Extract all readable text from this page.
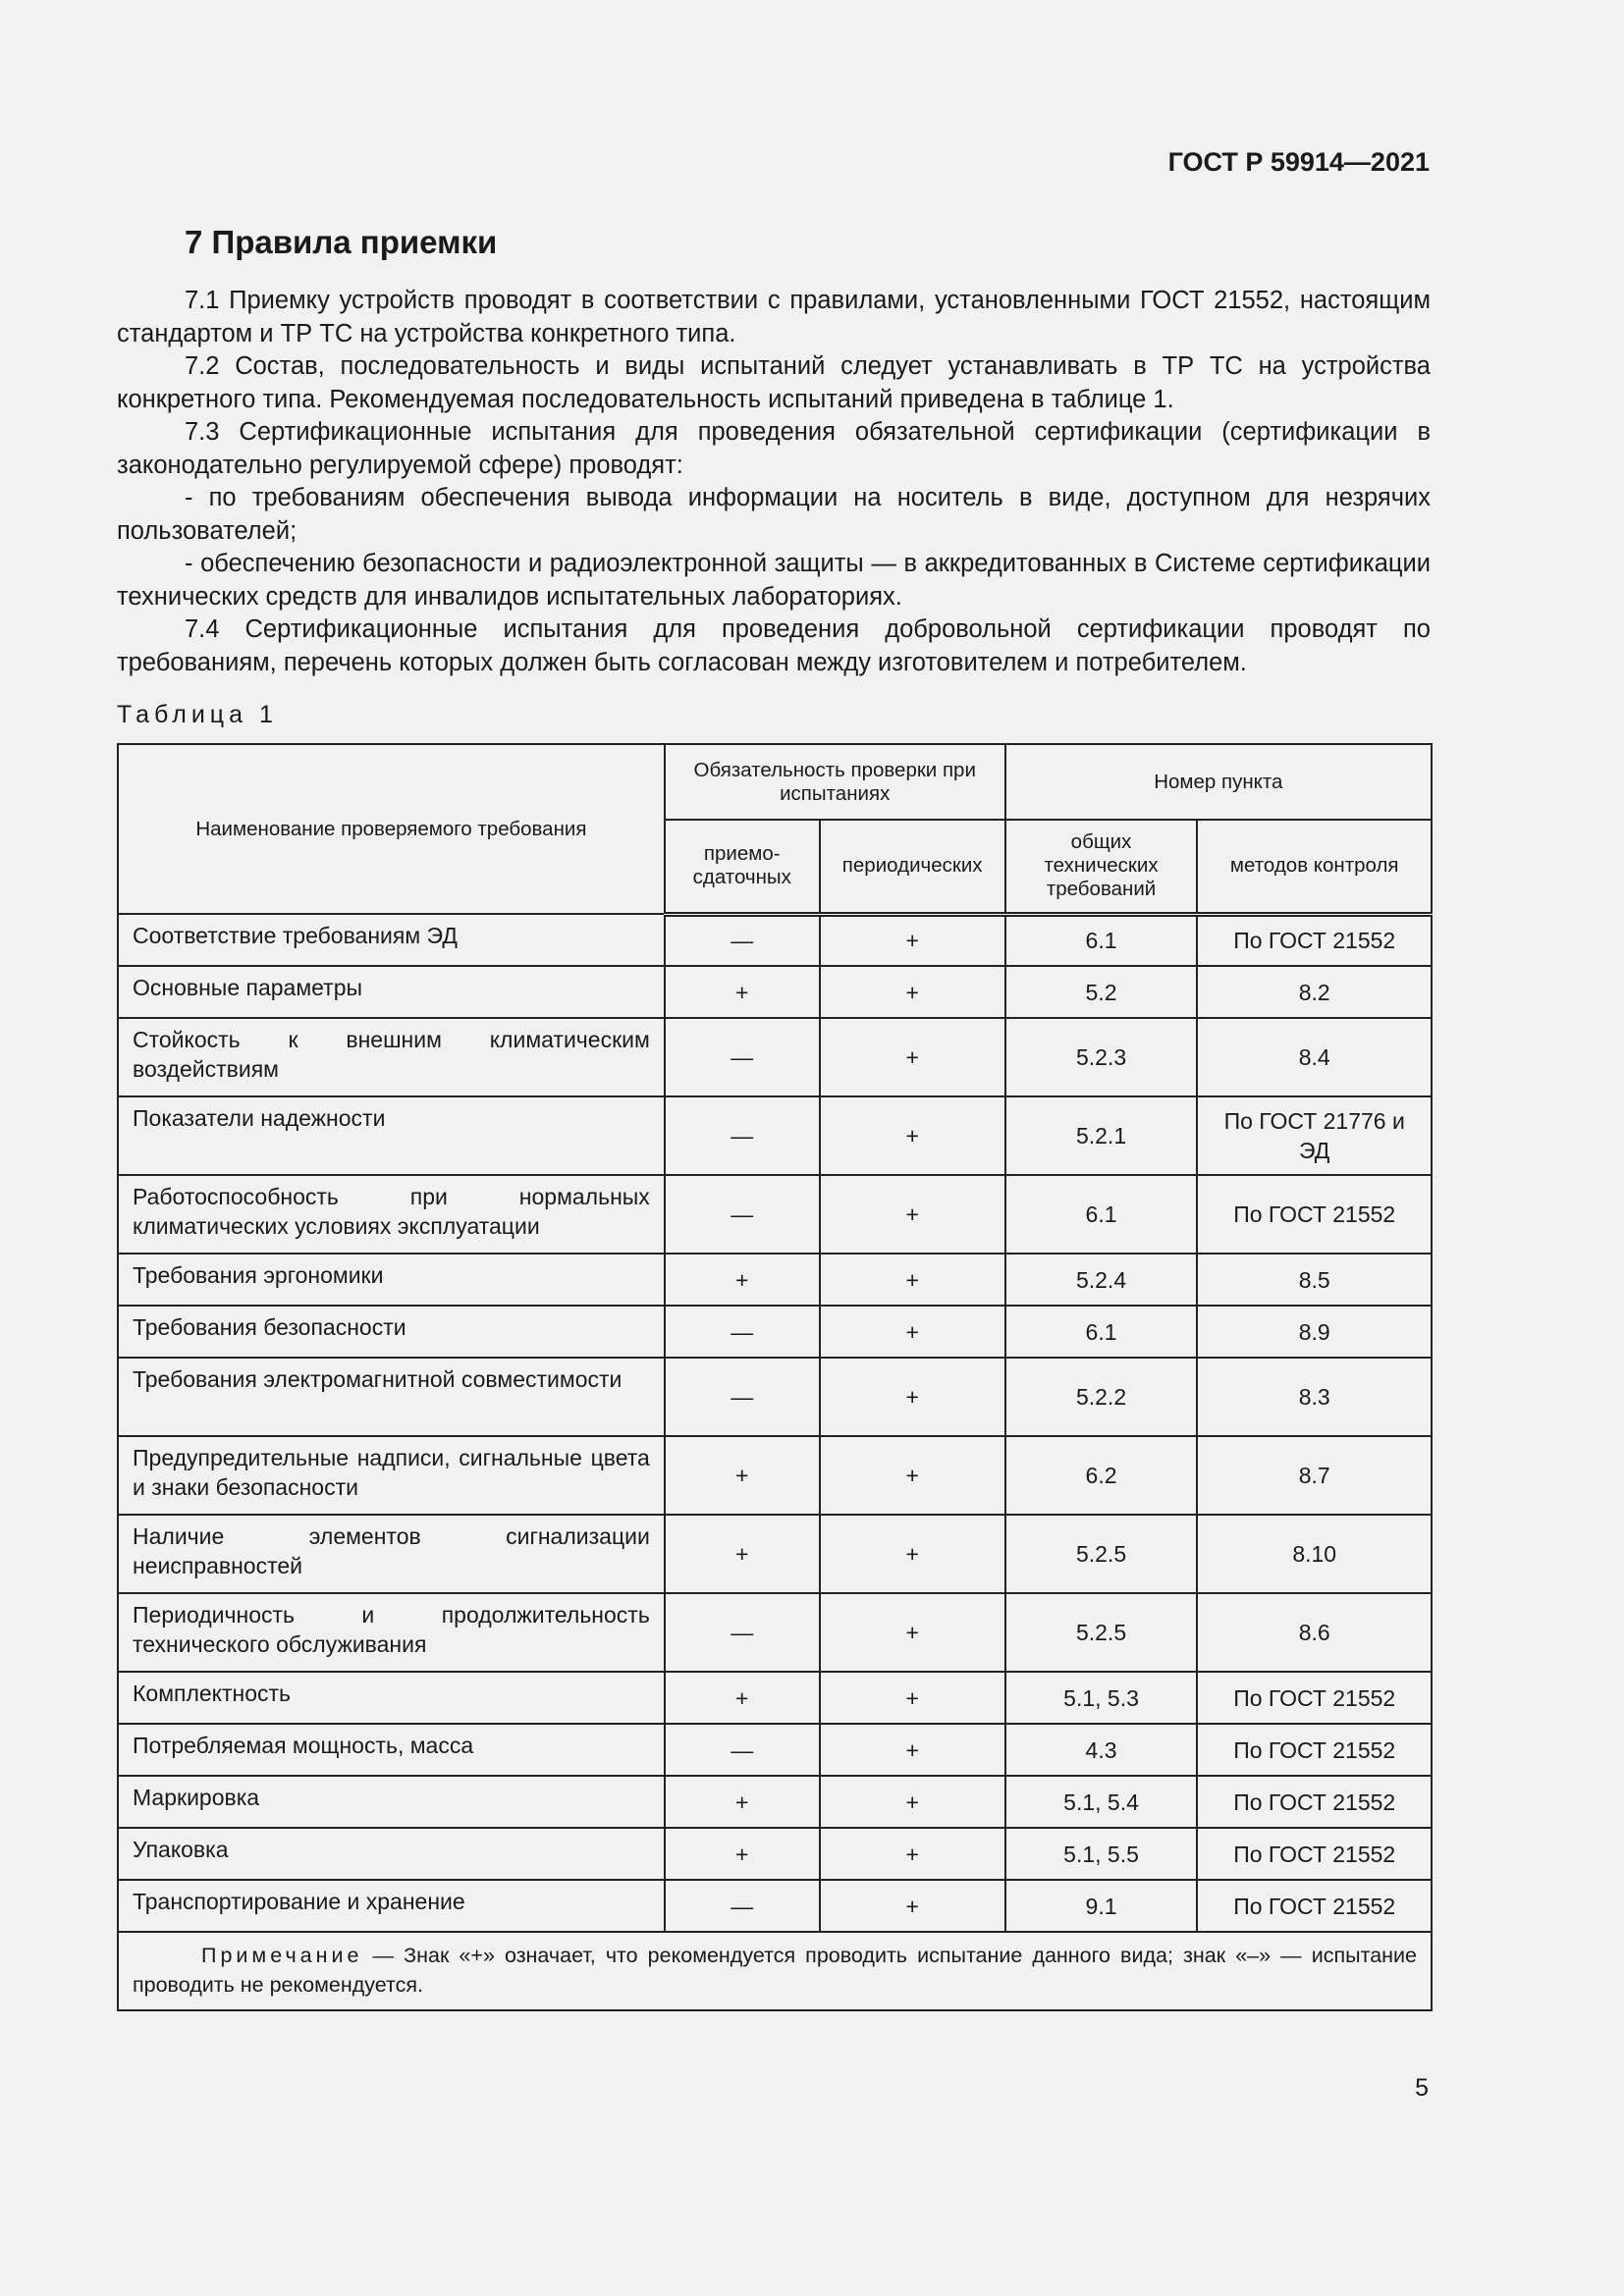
ГОСТ Р 59914—2021
7 Правила приемки

7.1 Приемку устройств проводят в соответствии с правилами, установленными ГОСТ 21552, настоящим стандартом и ТР ТС на устройства конкретного типа.

7.2 Состав, последовательность и виды испытаний следует устанавливать в ТР ТС на устройства конкретного типа. Рекомендуемая последовательность испытаний приведена в таблице 1.

7.3 Сертификационные испытания для проведения обязательной сертификации (сертификации в законодательно регулируемой сфере) проводят:

- по требованиям обеспечения вывода информации на носитель в виде, доступном для незрячих пользователей;

- обеспечению безопасности и радиоэлектронной защиты — в аккредитованных в Системе сертификации технических средств для инвалидов испытательных лабораториях.

7.4 Сертификационные испытания для проведения добровольной сертификации проводят по требованиям, перечень которых должен быть согласован между изготовителем и потребителем.

Таблица 1
Наименование проверяемого требования	Обязательность проверки при испытаниях		Номер пункта	
	приемо-сдаточных	периодических	общих технических требований	методов контроля
Соответствие требованиям ЭД	—	+	6.1	По ГОСТ 21552
Основные параметры	+	+	5.2	8.2
Стойкость к внешним климатическим воздействиям	—	+	5.2.3	8.4
Показатели надежности	—	+	5.2.1	По ГОСТ 21776 и ЭД
Работоспособность при нормальных климатических условиях эксплуатации	—	+	6.1	По ГОСТ 21552
Требования эргономики	+	+	5.2.4	8.5
Требования безопасности	—	+	6.1	8.9
Требования электромагнитной совместимости	—	+	5.2.2	8.3
Предупредительные надписи, сигнальные цвета и знаки безопасности	+	+	6.2	8.7
Наличие элементов сигнализации неисправностей	+	+	5.2.5	8.10
Периодичность и продолжительность технического обслуживания	—	+	5.2.5	8.6
Комплектность	+	+	5.1, 5.3	По ГОСТ 21552
Потребляемая мощность, масса	—	+	4.3	По ГОСТ 21552
Маркировка	+	+	5.1, 5.4	По ГОСТ 21552
Упаковка	+	+	5.1, 5.5	По ГОСТ 21552
Транспортирование и хранение	—	+	9.1	По ГОСТ 21552
Примечание — Знак «+» означает, что рекомендуется проводить испытание данного вида; знак «–» — испытание проводить не рекомендуется.				
5
